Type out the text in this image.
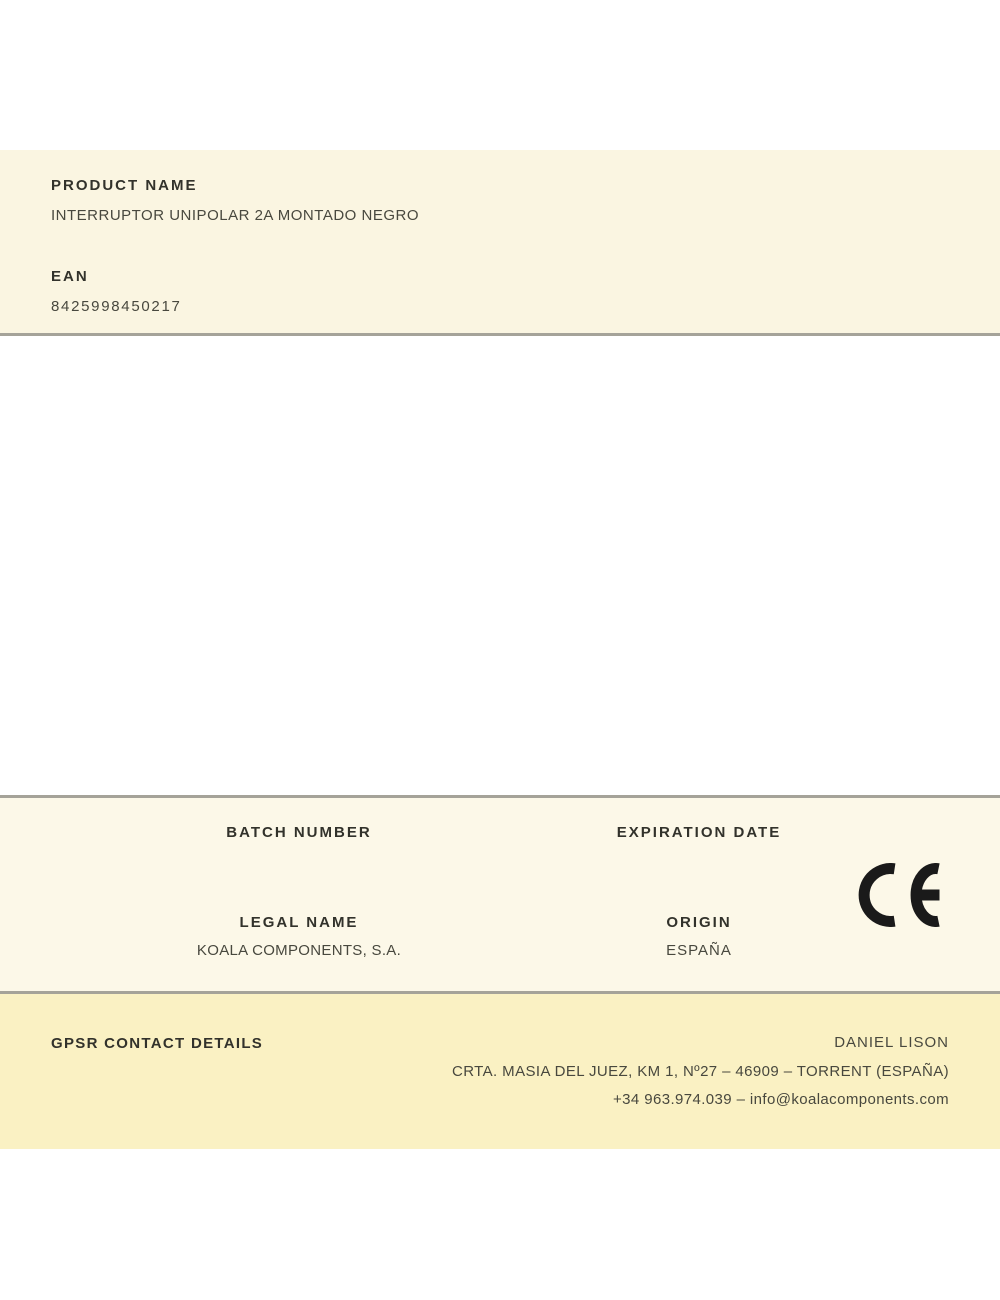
PRODUCT NAME
INTERRUPTOR UNIPOLAR 2A MONTADO NEGRO
EAN
8425998450217
BATCH NUMBER
LEGAL NAME
KOALA COMPONENTS, S.A.
EXPIRATION DATE
ORIGIN
ESPAÑA
GPSR CONTACT DETAILS	DANIEL LISON
CRTA. MASIA DEL JUEZ, KM 1, Nº27 – 46909 – TORRENT (ESPAÑA)
+34 963.974.039 – info@koalacomponents.com
